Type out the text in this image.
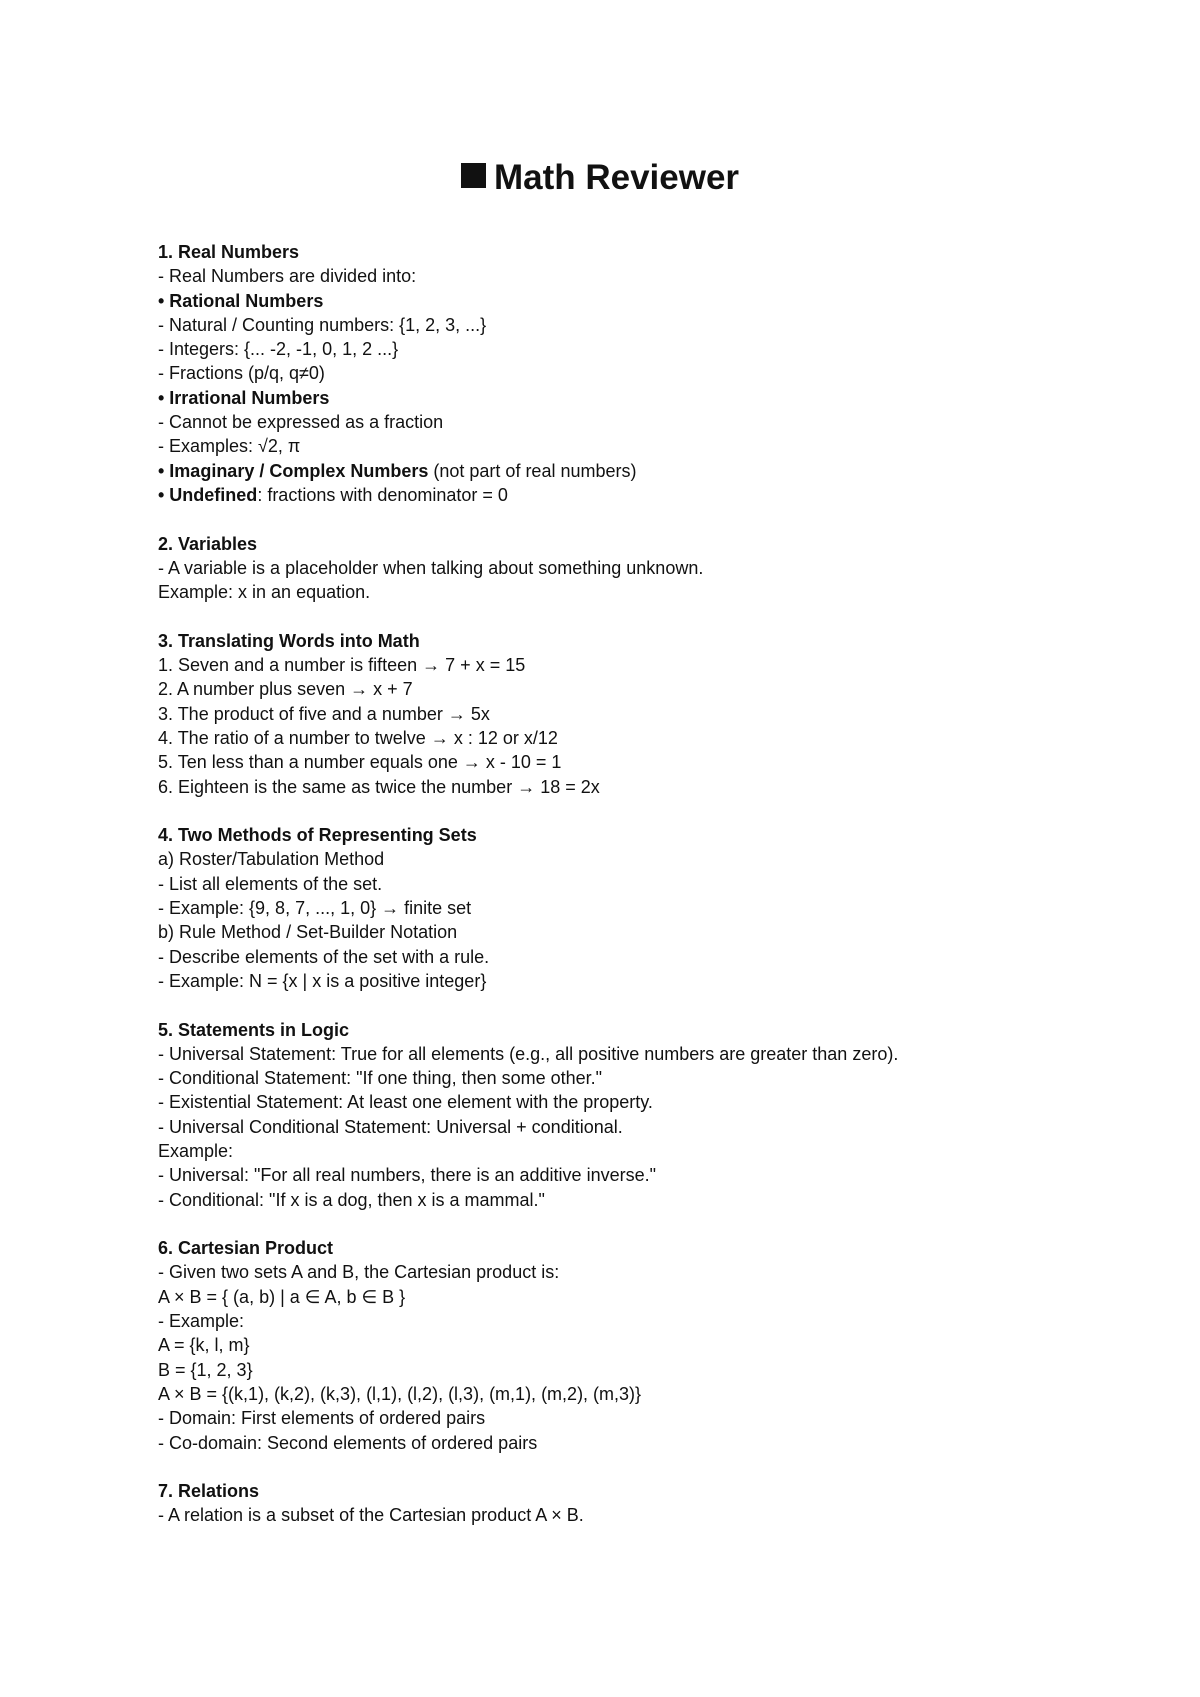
Math Reviewer

1. Real Numbers

- Real Numbers are divided into:

• Rational Numbers

- Natural / Counting numbers: {1, 2, 3, ...}

- Integers: {... -2, -1, 0, 1, 2 ...}

- Fractions (p/q, q≠0)

• Irrational Numbers

- Cannot be expressed as a fraction

- Examples: √2, π

• Imaginary / Complex Numbers (not part of real numbers)

• Undefined: fractions with denominator = 0

2. Variables

- A variable is a placeholder when talking about something unknown.

Example: x in an equation.

3. Translating Words into Math

1. Seven and a number is fifteen → 7 + x = 15

2. A number plus seven → x + 7

3. The product of five and a number → 5x

4. The ratio of a number to twelve → x : 12 or x/12

5. Ten less than a number equals one → x - 10 = 1

6. Eighteen is the same as twice the number → 18 = 2x

4. Two Methods of Representing Sets

a) Roster/Tabulation Method

- List all elements of the set.

- Example: {9, 8, 7, ..., 1, 0} → finite set

b) Rule Method / Set-Builder Notation

- Describe elements of the set with a rule.

- Example: N = {x | x is a positive integer}

5. Statements in Logic

- Universal Statement: True for all elements (e.g., all positive numbers are greater than zero).

- Conditional Statement: "If one thing, then some other."

- Existential Statement: At least one element with the property.

- Universal Conditional Statement: Universal + conditional.

Example:

- Universal: "For all real numbers, there is an additive inverse."

- Conditional: "If x is a dog, then x is a mammal."

6. Cartesian Product

- Given two sets A and B, the Cartesian product is:

A × B = { (a, b) | a ∈ A, b ∈ B }

- Example:

A = {k, l, m}

B = {1, 2, 3}

A × B = {(k,1), (k,2), (k,3), (l,1), (l,2), (l,3), (m,1), (m,2), (m,3)}

- Domain: First elements of ordered pairs

- Co-domain: Second elements of ordered pairs

7. Relations

- A relation is a subset of the Cartesian product A × B.
